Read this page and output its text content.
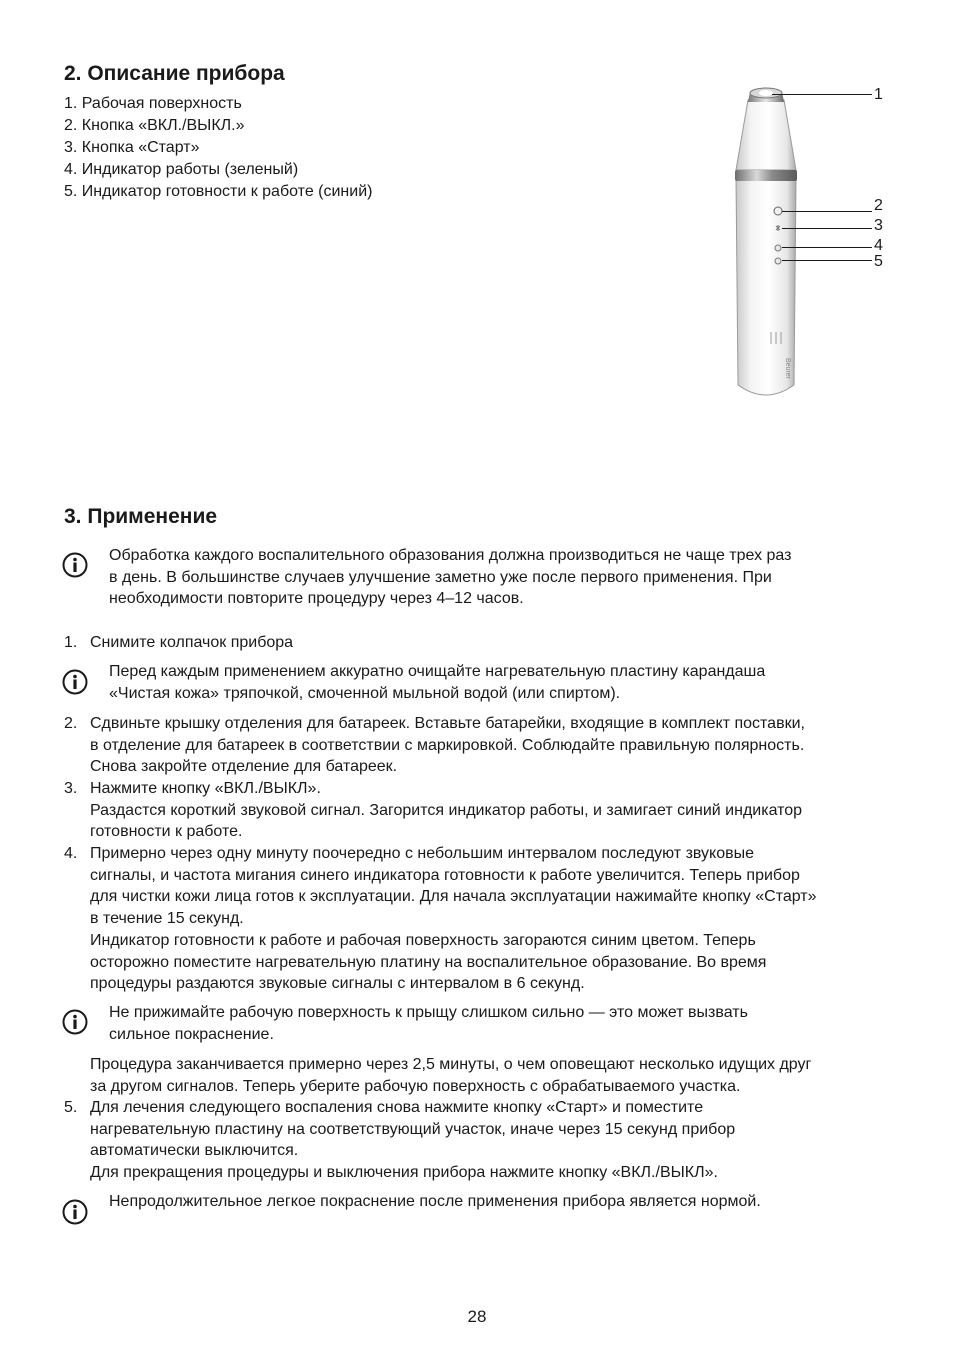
2. Описание прибора
1. Рабочая поверхность
2. Кнопка «ВКЛ./ВЫКЛ.»
3. Кнопка «Старт»
4. Индикатор работы (зеленый)
5. Индикатор готовности к работе (синий)
Beurer
1
2
3
4
5
3. Применение
Обработка каждого воспалительного образования должна производиться не чаще трех раз
в день. В большинстве случаев улучшение заметно уже после первого применения. При
необходимости повторите процедуру через 4–12 часов.
1. Снимите колпачок прибора
Перед каждым применением аккуратно очищайте нагревательную пластину карандаша
«Чистая кожа» тряпочкой, смоченной мыльной водой (или спиртом).
2. Сдвиньте крышку отделения для батареек. Вставьте батарейки, входящие в комплект поставки,
в отделение для батареек в соответствии с маркировкой. Соблюдайте правильную полярность.
Снова закройте отделение для батареек.
3. Нажмите кнопку «ВКЛ./ВЫКЛ».
Раздастся короткий звуковой сигнал. Загорится индикатор работы, и замигает синий индикатор
готовности к работе.
4. Примерно через одну минуту поочередно с небольшим интервалом последуют звуковые
сигналы, и частота мигания синего индикатора готовности к работе увеличится. Теперь прибор
для чистки кожи лица готов к эксплуатации. Для начала эксплуатации нажимайте кнопку «Старт»
в течение 15 секунд.
Индикатор готовности к работе и рабочая поверхность загораются синим цветом. Теперь
осторожно поместите нагревательную платину на воспалительное образование. Во время
процедуры раздаются звуковые сигналы с интервалом в 6 секунд.
Не прижимайте рабочую поверхность к прыщу слишком сильно — это может вызвать
сильное покраснение.
Процедура заканчивается примерно через 2,5 минуты, о чем оповещают несколько идущих друг
за другом сигналов. Теперь уберите рабочую поверхность с обрабатываемого участка.
5. Для лечения следующего воспаления снова нажмите кнопку «Старт» и поместите
нагревательную пластину на соответствующий участок, иначе через 15 секунд прибор
автоматически выключится.
Для прекращения процедуры и выключения прибора нажмите кнопку «ВКЛ./ВЫКЛ».
Непродолжительное легкое покраснение после применения прибора является нормой.
28
